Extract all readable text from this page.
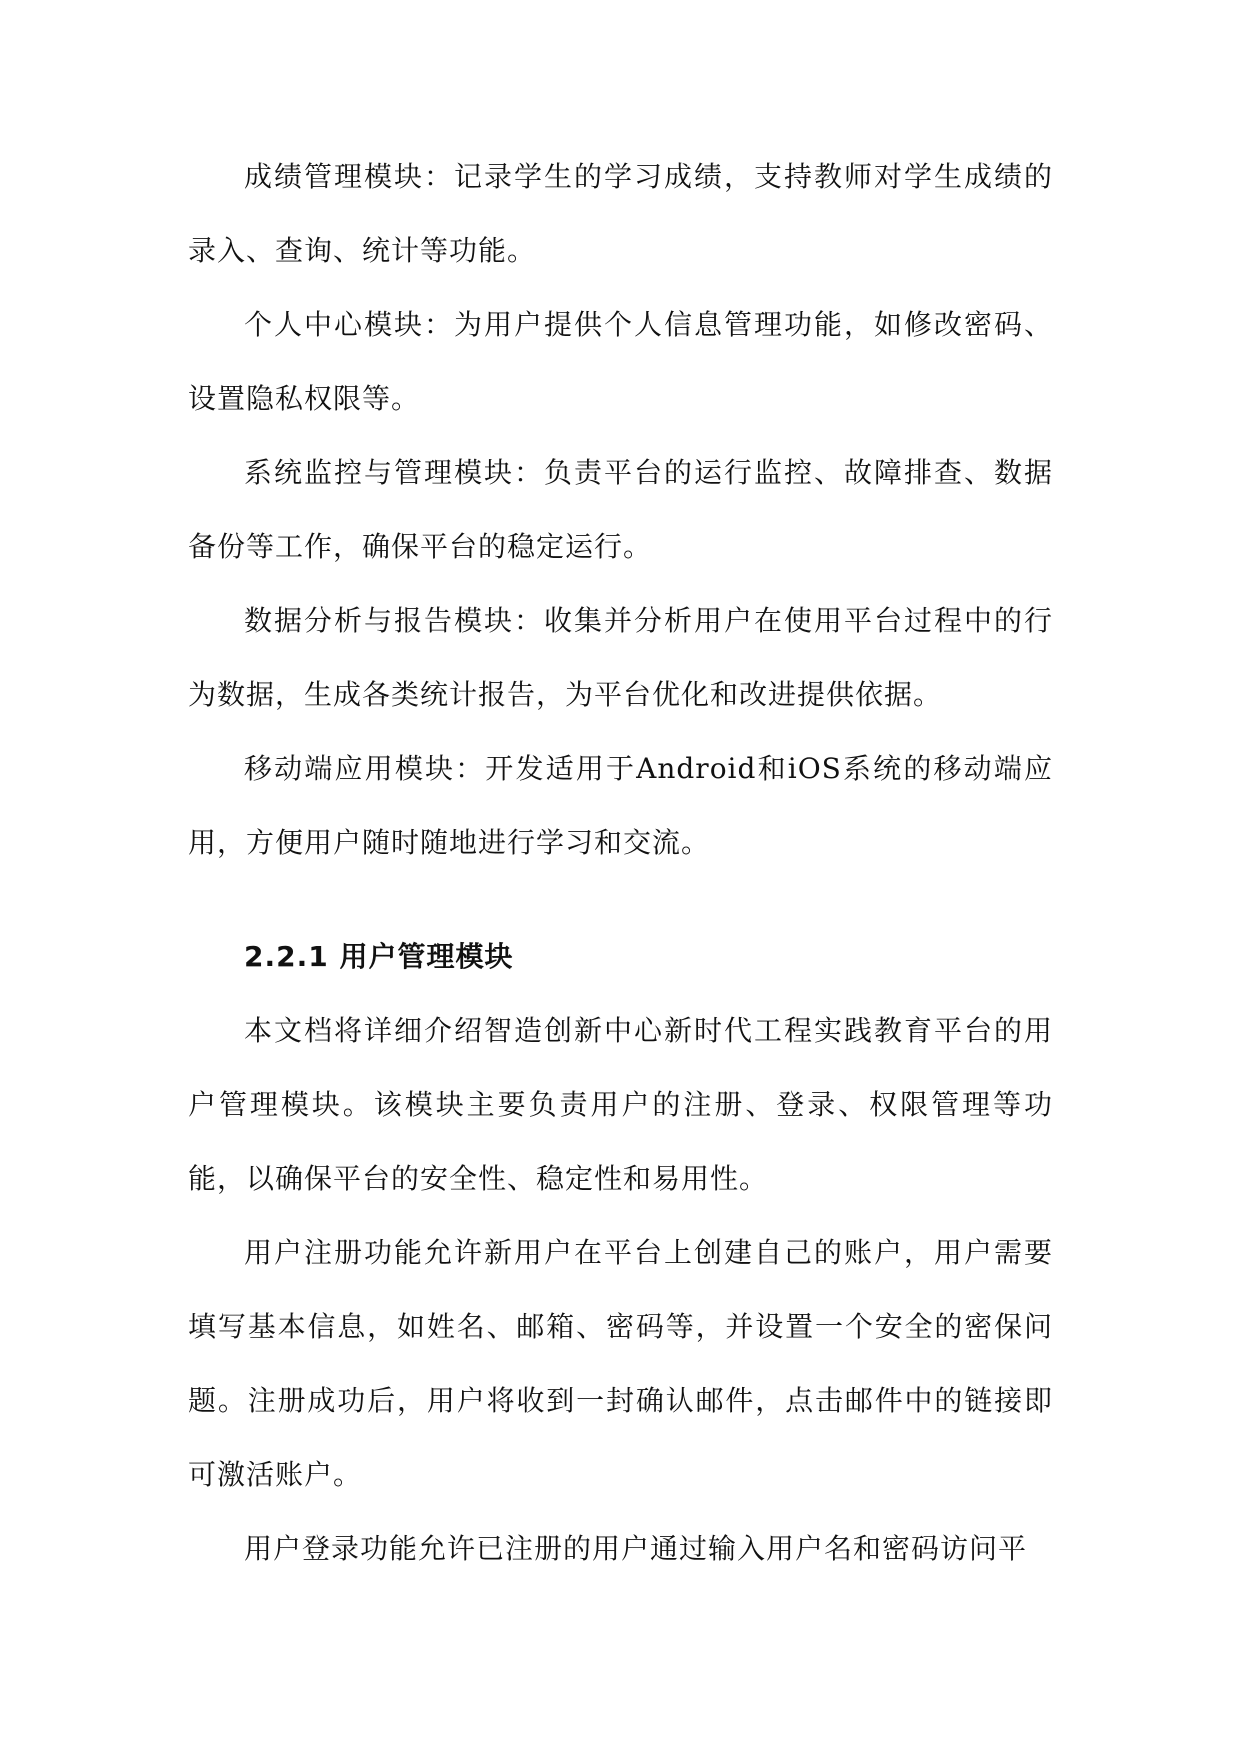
成绩管理模块：记录学生的学习成绩，支持教师对学生成绩的录入、查询、统计等功能。

个人中心模块：为用户提供个人信息管理功能，如修改密码、设置隐私权限等。

系统监控与管理模块：负责平台的运行监控、故障排查、数据备份等工作，确保平台的稳定运行。

数据分析与报告模块：收集并分析用户在使用平台过程中的行为数据，生成各类统计报告，为平台优化和改进提供依据。

移动端应用模块：开发适用于Android和iOS系统的移动端应用，方便用户随时随地进行学习和交流。

2.2.1 用户管理模块

本文档将详细介绍智造创新中心新时代工程实践教育平台的用户管理模块。该模块主要负责用户的注册、登录、权限管理等功能，以确保平台的安全性、稳定性和易用性。

用户注册功能允许新用户在平台上创建自己的账户，用户需要填写基本信息，如姓名、邮箱、密码等，并设置一个安全的密保问题。注册成功后，用户将收到一封确认邮件，点击邮件中的链接即可激活账户。

用户登录功能允许已注册的用户通过输入用户名和密码访问平
